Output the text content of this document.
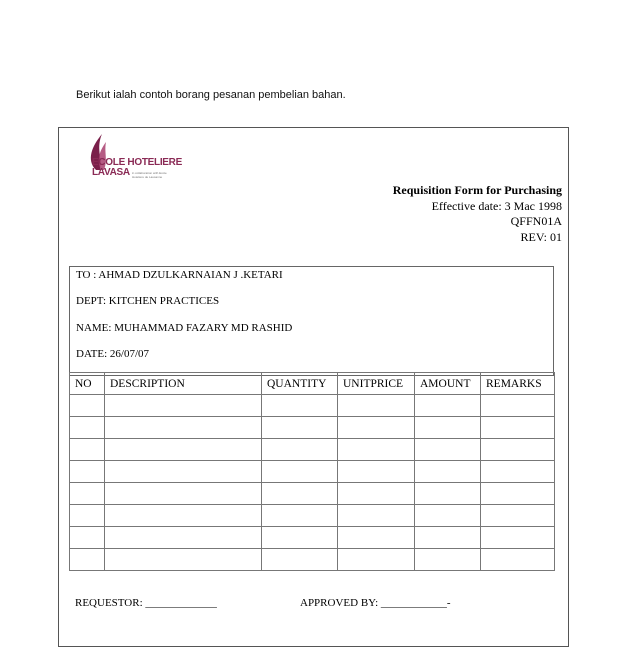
Berikut ialah contoh borang pesanan pembelian bahan.
ECOLE HOTELIERE
LAVASA in collaboration with Ecole Hoteliere de Lausanne
Requisition Form for Purchasing
Effective date: 3 Mac 1998
QFFN01A
REV: 01
TO : AHMAD DZULKARNAIAN J .KETARI
DEPT: KITCHEN PRACTICES
NAME: MUHAMMAD FAZARY MD RASHID
DATE: 26/07/07
NO	DESCRIPTION	QUANTITY	UNITPRICE	AMOUNT	REMARKS

REQUESTOR: _____________	APPROVED BY: ____________-
